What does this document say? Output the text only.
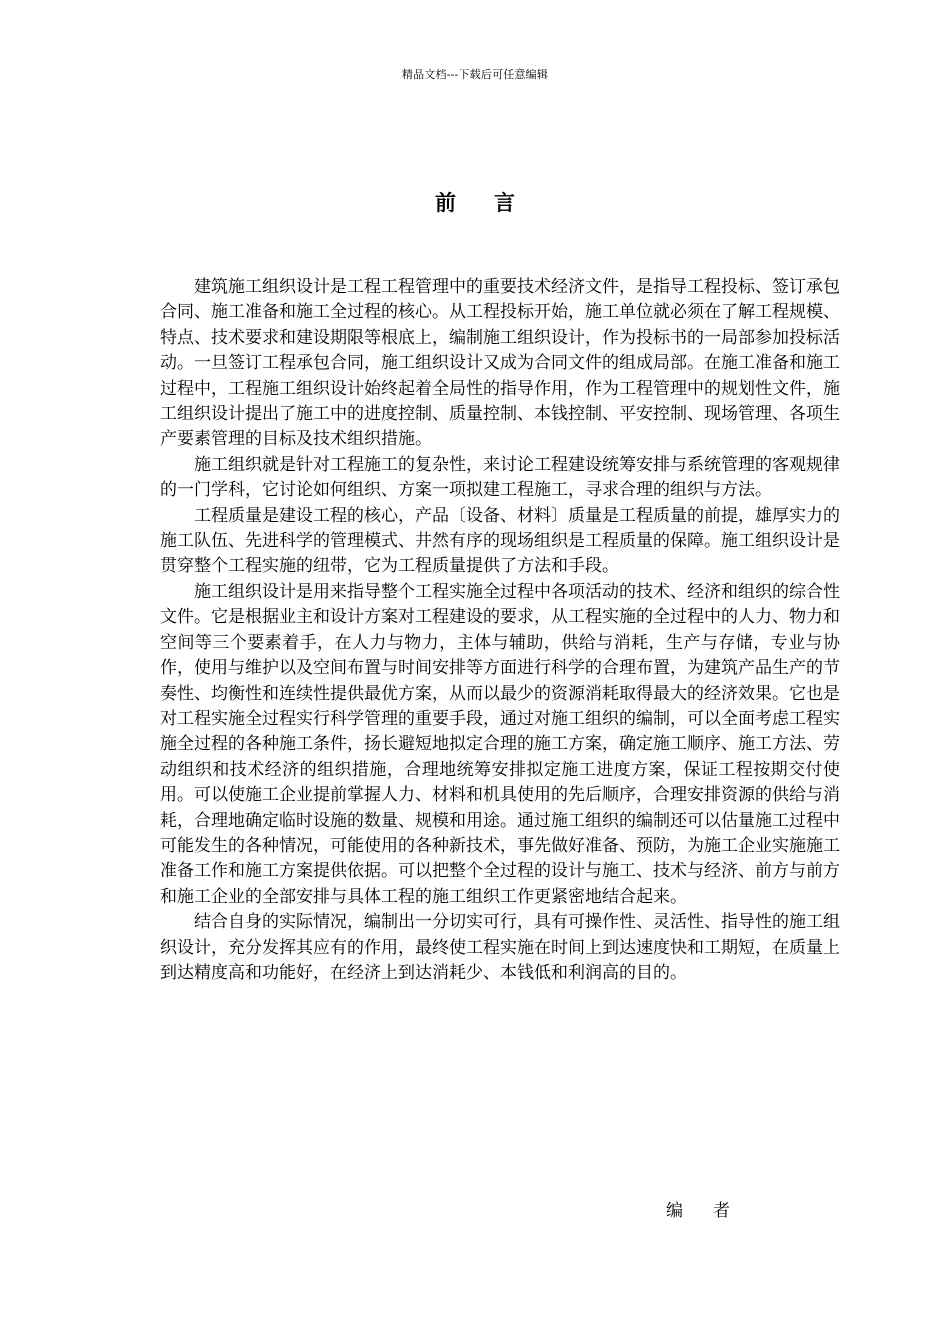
精品文档---下载后可任意编辑
前言

建筑施工组织设计是工程工程管理中的重要技术经济文件，是指导工程投标、签订承包合同、施工准备和施工全过程的核心。从工程投标开始，施工单位就必须在了解工程规模、特点、技术要求和建设期限等根底上，编制施工组织设计，作为投标书的一局部参加投标活动。一旦签订工程承包合同，施工组织设计又成为合同文件的组成局部。在施工准备和施工过程中，工程施工组织设计始终起着全局性的指导作用，作为工程管理中的规划性文件，施工组织设计提出了施工中的进度控制、质量控制、本钱控制、平安控制、现场管理、各项生产要素管理的目标及技术组织措施。

施工组织就是针对工程施工的复杂性，来讨论工程建设统筹安排与系统管理的客观规律的一门学科，它讨论如何组织、方案一项拟建工程施工，寻求合理的组织与方法。

工程质量是建设工程的核心，产品〔设备、材料〕质量是工程质量的前提，雄厚实力的施工队伍、先进科学的管理模式、井然有序的现场组织是工程质量的保障。施工组织设计是贯穿整个工程实施的纽带，它为工程质量提供了方法和手段。

施工组织设计是用来指导整个工程实施全过程中各项活动的技术、经济和组织的综合性文件。它是根据业主和设计方案对工程建设的要求，从工程实施的全过程中的人力、物力和空间等三个要素着手，在人力与物力，主体与辅助，供给与消耗，生产与存储，专业与协作，使用与维护以及空间布置与时间安排等方面进行科学的合理布置，为建筑产品生产的节奏性、均衡性和连续性提供最优方案，从而以最少的资源消耗取得最大的经济效果。它也是对工程实施全过程实行科学管理的重要手段，通过对施工组织的编制，可以全面考虑工程实施全过程的各种施工条件，扬长避短地拟定合理的施工方案，确定施工顺序、施工方法、劳动组织和技术经济的组织措施，合理地统筹安排拟定施工进度方案，保证工程按期交付使用。可以使施工企业提前掌握人力、材料和机具使用的先后顺序，合理安排资源的供给与消耗，合理地确定临时设施的数量、规模和用途。通过施工组织的编制还可以估量施工过程中可能发生的各种情况，可能使用的各种新技术，事先做好准备、预防，为施工企业实施施工准备工作和施工方案提供依据。可以把整个全过程的设计与施工、技术与经济、前方与前方和施工企业的全部安排与具体工程的施工组织工作更紧密地结合起来。

结合自身的实际情况，编制出一分切实可行，具有可操作性、灵活性、指导性的施工组织设计，充分发挥其应有的作用，最终使工程实施在时间上到达速度快和工期短，在质量上到达精度高和功能好，在经济上到达消耗少、本钱低和利润高的目的。

编者
